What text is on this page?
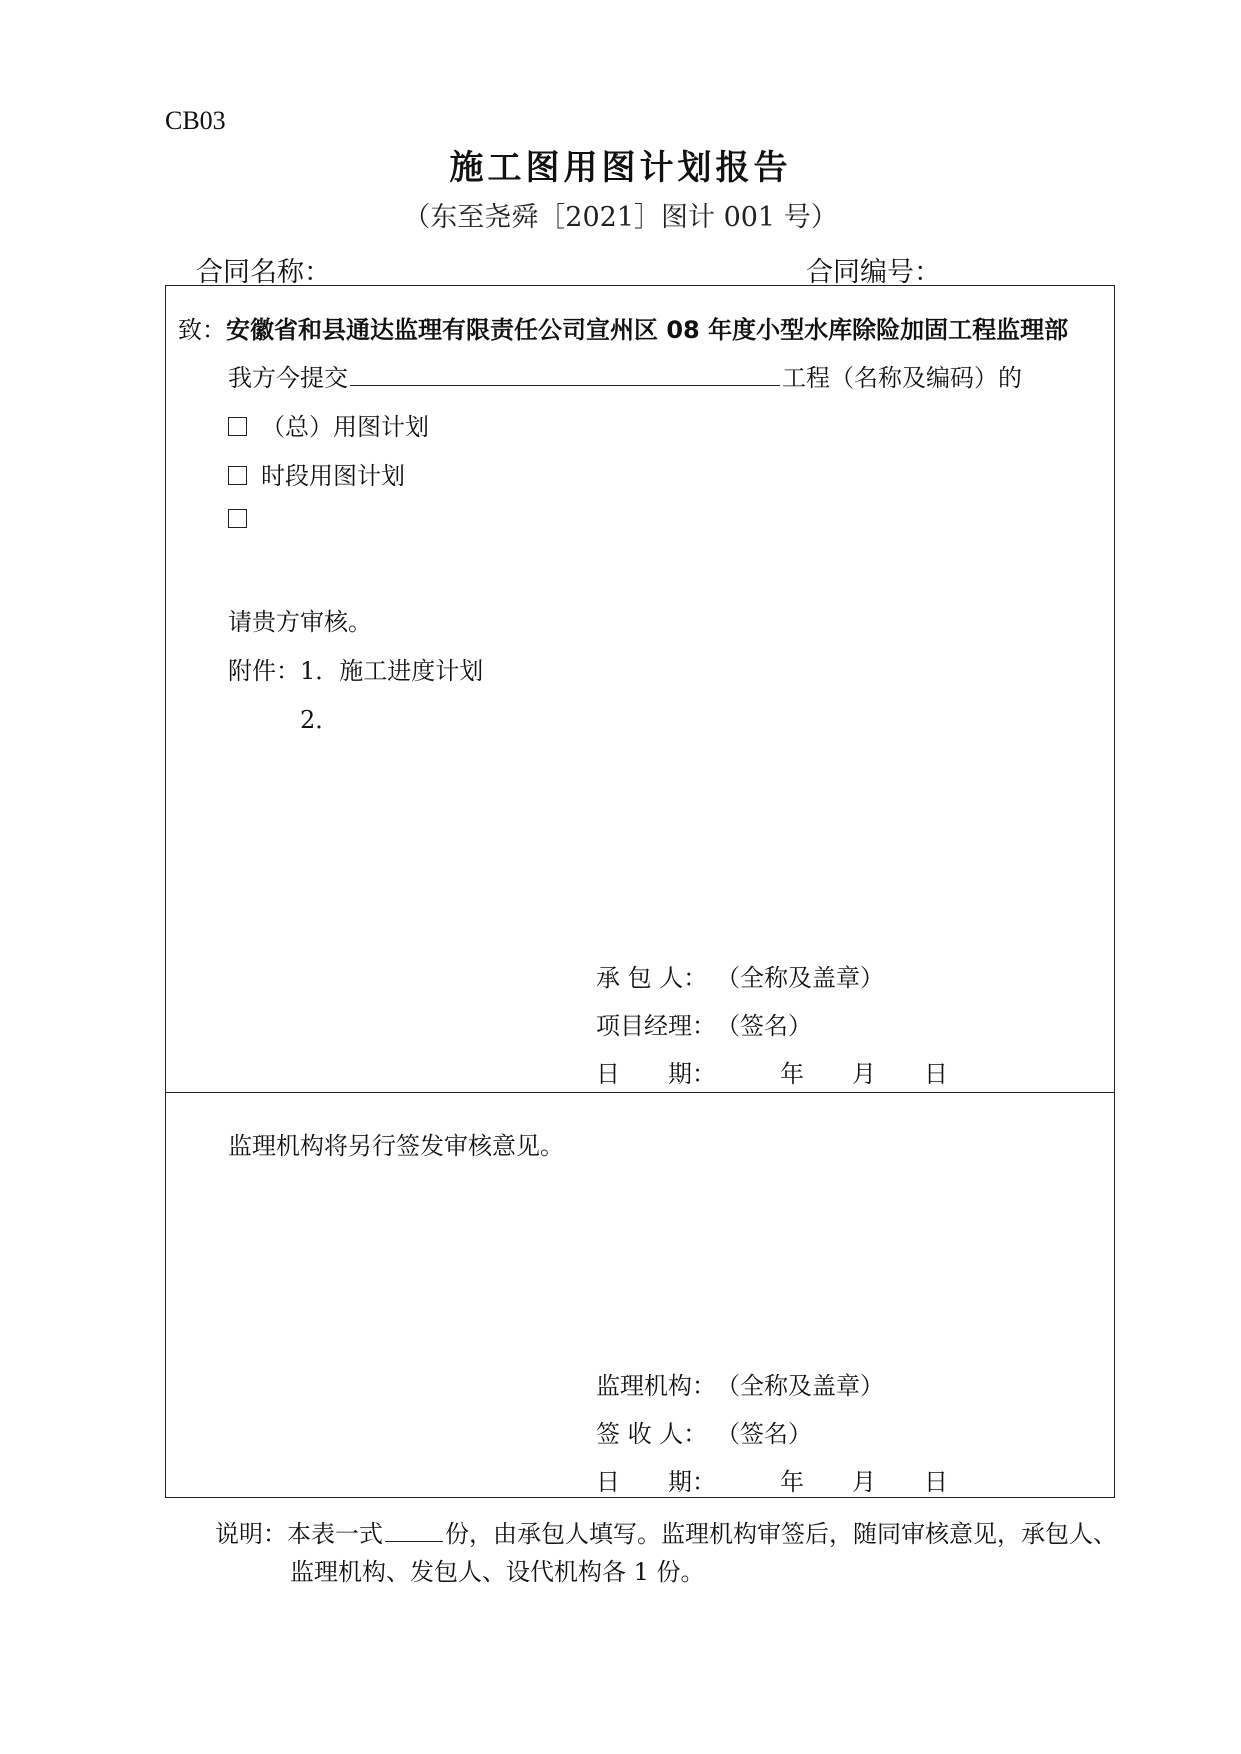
CB03
施工图用图计划报告
（东至尧舜［2021］图计 001 号）
合同名称：	合同编号：
致：安徽省和县通达监理有限责任公司宣州区 08 年度小型水库除险加固工程监理部
我方今提交	工程（名称及编码）的
（总）用图计划
时段用图计划
请贵方审核。
附件：1．施工进度计划
2．
承 包 人： （全称及盖章）
项目经理：（签名）
日　　期：	年　　月　　日
监理机构将另行签发审核意见。
监理机构：（全称及盖章）
签 收 人： （签名）
日　　期：	年　　月　　日
说明：本表一式	份，由承包人填写。监理机构审签后，随同审核意见，承包人、
监理机构、发包人、设代机构各 1 份。
